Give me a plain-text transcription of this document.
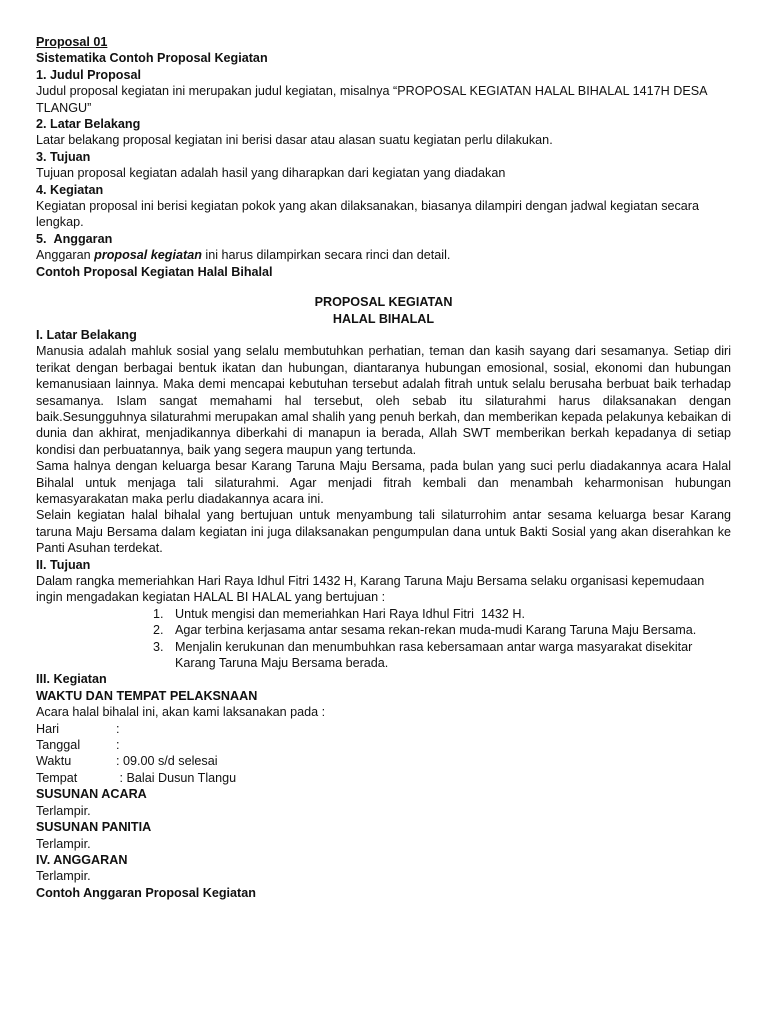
Proposal 01

Sistematika Contoh Proposal Kegiatan

1. Judul Proposal

Judul proposal kegiatan ini merupakan judul kegiatan, misalnya “PROPOSAL KEGIATAN HALAL BIHALAL 1417H DESA TLANGU”

2. Latar Belakang

Latar belakang proposal kegiatan ini berisi dasar atau alasan suatu kegiatan perlu dilakukan.

3. Tujuan

Tujuan proposal kegiatan adalah hasil yang diharapkan dari kegiatan yang diadakan

4. Kegiatan

Kegiatan proposal ini berisi kegiatan pokok yang akan dilaksanakan, biasanya dilampiri dengan jadwal kegiatan secara lengkap.

5.  Anggaran

Anggaran proposal kegiatan ini harus dilampirkan secara rinci dan detail.

Contoh Proposal Kegiatan Halal Bihalal

PROPOSAL KEGIATAN

HALAL BIHALAL

I. Latar Belakang

Manusia adalah mahluk sosial yang selalu membutuhkan perhatian, teman dan kasih sayang dari sesamanya. Setiap diri terikat dengan berbagai bentuk ikatan dan hubungan, diantaranya hubungan emosional, sosial, ekonomi dan hubungan kemanusiaan lainnya. Maka demi mencapai kebutuhan tersebut adalah fitrah untuk selalu berusaha berbuat baik terhadap sesamanya. Islam sangat memahami hal tersebut, oleh sebab itu silaturahmi harus dilaksanakan dengan baik.Sesungguhnya silaturahmi merupakan amal shalih yang penuh berkah, dan memberikan kepada pelakunya kebaikan di dunia dan akhirat, menjadikannya diberkahi di manapun ia berada, Allah SWT memberikan berkah kepadanya di setiap kondisi dan perbuatannya, baik yang segera maupun yang tertunda.

Sama halnya dengan keluarga besar Karang Taruna Maju Bersama, pada bulan yang suci perlu diadakannya acara Halal Bihalal untuk menjaga tali silaturahmi. Agar menjadi fitrah kembali dan menambah keharmonisan hubungan kemasyarakatan maka perlu diadakannya acara ini.

Selain kegiatan halal bihalal yang bertujuan untuk menyambung tali silaturrohim antar sesama keluarga besar Karang taruna Maju Bersama dalam kegiatan ini juga dilaksanakan pengumpulan dana untuk Bakti Sosial yang akan diserahkan ke Panti Asuhan terdekat.

II. Tujuan

Dalam rangka memeriahkan Hari Raya Idhul Fitri 1432 H, Karang Taruna Maju Bersama selaku organisasi kepemudaan ingin mengadakan kegiatan HALAL BI HALAL yang bertujuan :

1. Untuk mengisi dan memeriahkan Hari Raya Idhul Fitri  1432 H.
2. Agar terbina kerjasama antar sesama rekan-rekan muda-mudi Karang Taruna Maju Bersama.
3. Menjalin kerukunan dan menumbuhkan rasa kebersamaan antar warga masyarakat disekitar Karang Taruna Maju Bersama berada.

III. Kegiatan

WAKTU DAN TEMPAT PELAKSNAAN

Acara halal bihalal ini, akan kami laksanakan pada :

Hari	:
Tanggal	:
Waktu	: 09.00 s/d selesai
Tempat	: Balai Dusun Tlangu

SUSUNAN ACARA

Terlampir.

SUSUNAN PANITIA

Terlampir.

IV. ANGGARAN

Terlampir.

Contoh Anggaran Proposal Kegiatan
